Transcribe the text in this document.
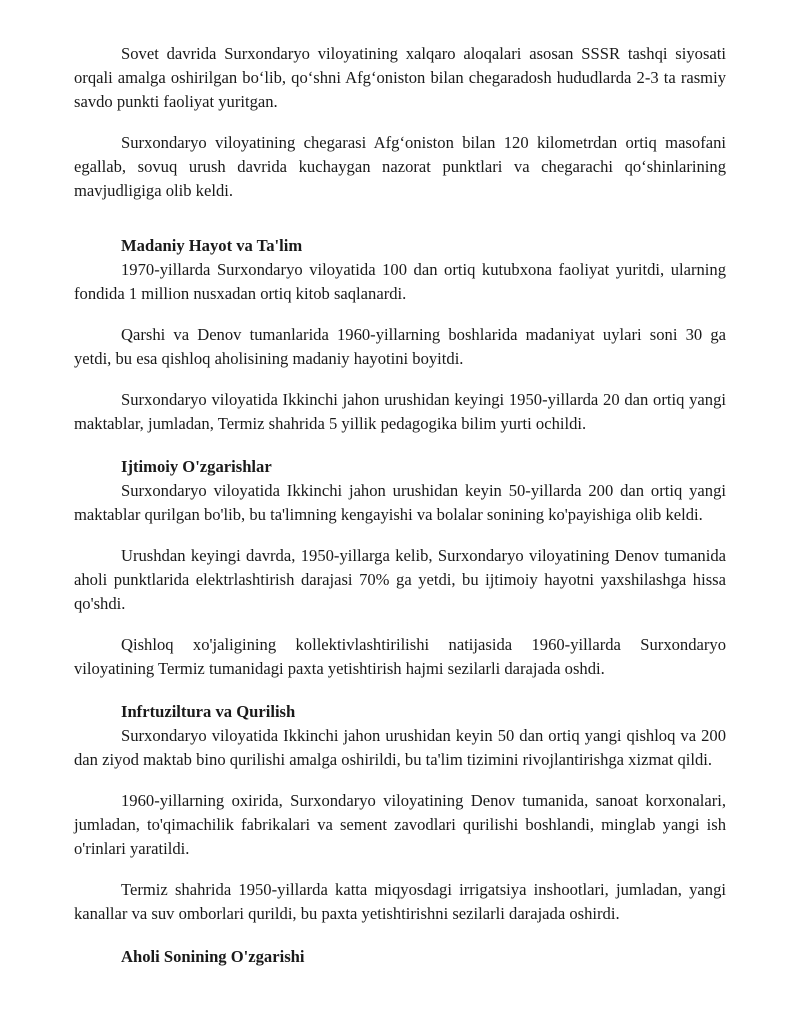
Sovet davrida Surxondaryo viloyatining xalqaro aloqalari asosan SSSR tashqi siyosati orqali amalga oshirilgan bo‘lib, qo‘shni Afg‘oniston bilan chegaradosh hududlarda 2-3 ta rasmiy savdo punkti faoliyat yuritgan.

Surxondaryo viloyatining chegarasi Afg‘oniston bilan 120 kilometrdan ortiq masofani egallab, sovuq urush davrida kuchaygan nazorat punktlari va chegarachi qo‘shinlarining mavjudligiga olib keldi.

Madaniy Hayot va Ta'lim

1970-yillarda Surxondaryo viloyatida 100 dan ortiq kutubxona faoliyat yuritdi, ularning fondida 1 million nusxadan ortiq kitob saqlanardi.

Qarshi va Denov tumanlarida 1960-yillarning boshlarida madaniyat uylari soni 30 ga yetdi, bu esa qishloq aholisining madaniy hayotini boyitdi.

Surxondaryo viloyatida Ikkinchi jahon urushidan keyingi 1950-yillarda 20 dan ortiq yangi maktablar, jumladan, Termiz shahrida 5 yillik pedagogika bilim yurti ochildi.

Ijtimoiy O'zgarishlar

Surxondaryo viloyatida Ikkinchi jahon urushidan keyin 50-yillarda 200 dan ortiq yangi maktablar qurilgan bo'lib, bu ta'limning kengayishi va bolalar sonining ko'payishiga olib keldi.

Urushdan keyingi davrda, 1950-yillarga kelib, Surxondaryo viloyatining Denov tumanida aholi punktlarida elektrlashtirish darajasi 70% ga yetdi, bu ijtimoiy hayotni yaxshilashga hissa qo'shdi.

Qishloq xo'jaligining kollektivlashtirilishi natijasida 1960-yillarda Surxondaryo viloyatining Termiz tumanidagi paxta yetishtirish hajmi sezilarli darajada oshdi.

Infrtuziltura va Qurilish

Surxondaryo viloyatida Ikkinchi jahon urushidan keyin 50 dan ortiq yangi qishloq va 200 dan ziyod maktab bino qurilishi amalga oshirildi, bu ta'lim tizimini rivojlantirishga xizmat qildi.

1960-yillarning oxirida, Surxondaryo viloyatining Denov tumanida, sanoat korxonalari, jumladan, to'qimachilik fabrikalari va sement zavodlari qurilishi boshlandi, minglab yangi ish o'rinlari yaratildi.

Termiz shahrida 1950-yillarda katta miqyosdagi irrigatsiya inshootlari, jumladan, yangi kanallar va suv omborlari qurildi, bu paxta yetishtirishni sezilarli darajada oshirdi.

Aholi Sonining O'zgarishi
